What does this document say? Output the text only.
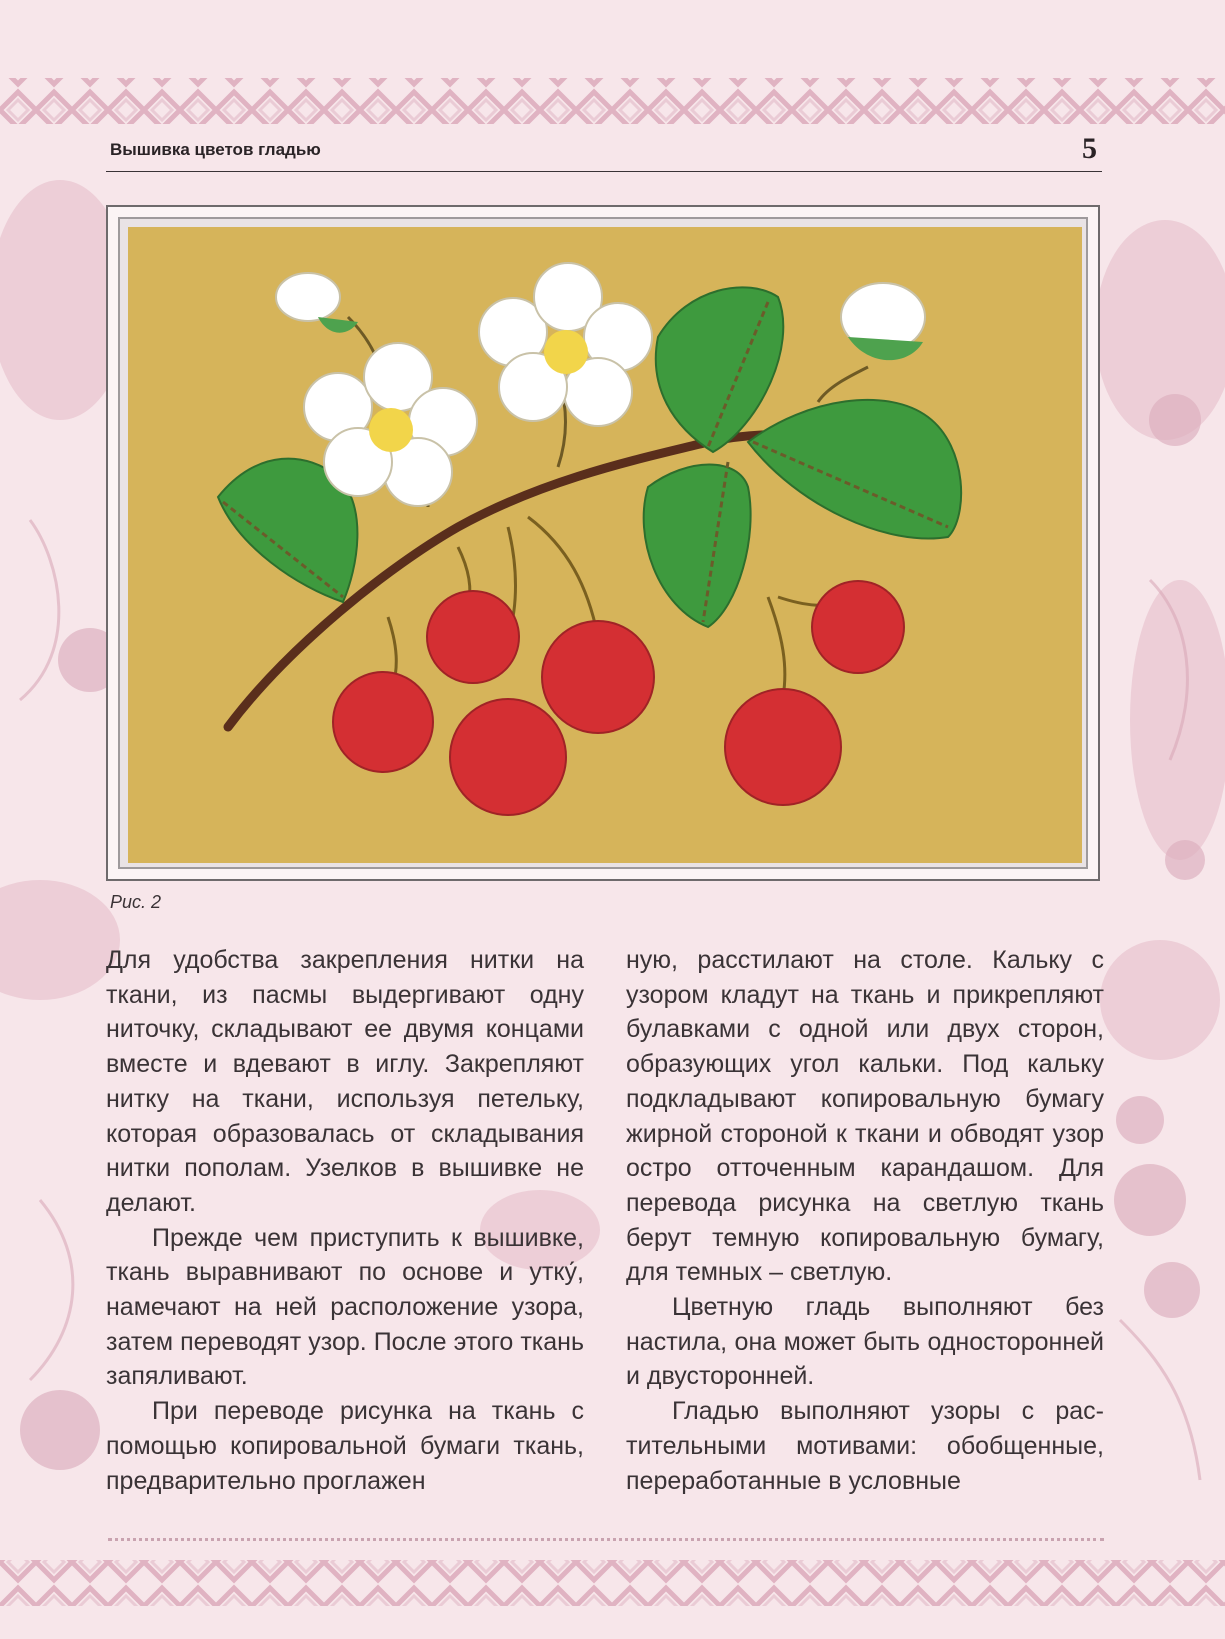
Вышивка цветов гладью	5
Рис. 2

Для удобства закрепления нитки на ткани, из пасмы выдергивают одну ниточку, складывают ее двумя концами вместе и вдевают в иглу. Закрепляют нитку на ткани, используя петельку, которая образовалась от складывания нитки пополам. Узелков в вышивке не делают.

Прежде чем приступить к вышивке, ткань выравнивают по основе и утку́, намечают на ней расположение узора, затем переводят узор. После этого ткань запяливают.

При переводе рисунка на ткань с помощью копировальной бумаги ткань, предварительно проглажен

ную, расстилают на столе. Кальку с узором кладут на ткань и прикрепляют булавками с одной или двух сторон, образующих угол кальки. Под кальку подкладывают копировальную бумагу жирной стороной к ткани и обводят узор остро отточенным карандашом. Для перевода рисунка на светлую ткань берут темную копировальную бумагу, для темных – светлую.

Цветную гладь выполняют без настила, она может быть односторонней и двусторонней.

Гладью выполняют узоры с растительными мотивами: обобщенные, переработанные в условные
